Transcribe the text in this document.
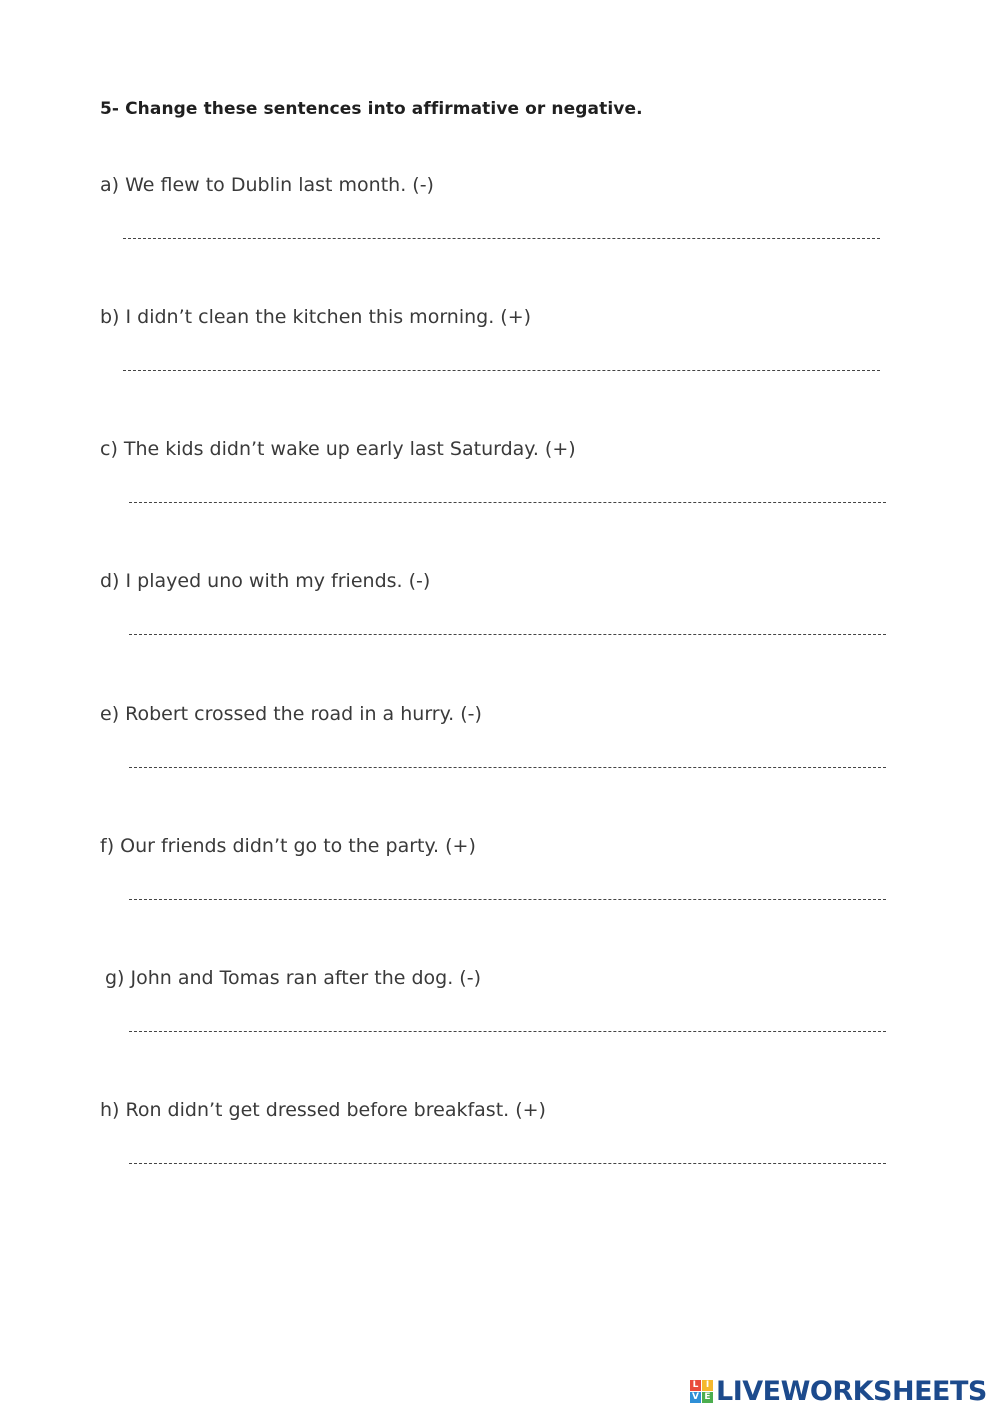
5- Change these sentences into affirmative or negative.
a) We flew to Dublin last month. (-)
b) I didn’t clean the kitchen this morning. (+)
c) The kids didn’t wake up early last Saturday. (+)
d) I played uno with my friends. (-)
e) Robert crossed the road in a hurry. (-)
f) Our friends didn’t go to the party. (+)
g) John and Tomas ran after the dog. (-)
h) Ron didn’t get dressed before breakfast. (+)
L I
V E LIVEWORKSHEETS
